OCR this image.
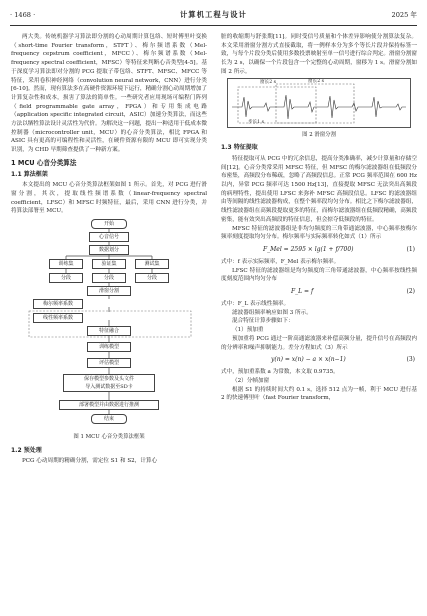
· 1468 ·	计算机工程与设计	2025 年
两大类。传统机器学习算法即分割的心动周期计算包络、短时傅里叶变换（short-time Fourier transform，STFT）、梅尔频谱系数（Mel-frequency cepstrum coefficient，MFCC）、梅尔频谱系数（Mel-frequency spectral coefficient，MFSC）等特征来判断心音类型[4-5]。基于深度学习算法即对分割的 PCG 提取子带包络、STFT、MFSC、MFCC 等特征，采用卷积神经网络（convolution neural network，CNN）进行分类[6-10]。然而，现有算法多在高硬件资源环境下运行，精确分割心动周期增加了计算复杂性和成本，损害了算法的简单性。一些研究者应用现场可编程门阵列（field programmable gate array，FPGA）和专用集成电路（application specific integrated circuit，ASIC）加速分类算法，而这些方法以牺牲算法设计灵活性为代价。为解决这一问题，提出一种适用于低成本微控制器（microcontroller unit，MCU）的心音分类算法，相比 FPGA 和 ASIC 具有更高的可编程性和灵活性，在硬件资源有限的 MCU 即可实现分类识别，为 CHD 早期筛查提供了一种新方案。
1 MCU 心音分类算法
1.1 算法框架
本文提出的 MCU 心音分类算法框架如图 1 所示。首先，对 PCG 进行滑窗分割，其次，提取线性频谱系数（linear-frequency spectral coefficient，LFSC）和 MFSC 时频特征，最后，采用 CNN 进行分类，并将算法部署至 MCU。
开始
心音信号
数据划分
训练集	验证集	测试集
分段	分段	分段
滑窗分割
梅尔频率系数
线性频率系数
特征融合
训练模型
评估模型
保存模型参数及头文件
导入测试数据至SD卡
部署模型并由数据进行推测
结束
图 1 MCU 心音分类算法框架
1.2 预处理
PCG 心动周期的精确分割，需定位 S1 和 S2，计算心
脏的收缩期与舒张期[11]。同时受信号质量和个体差异影响使分割算法复杂。本文采用滑窗分割方式直接截取，将一例样本分为多个等长片段并保持标签一致，与每个片段分类后使用多数投票映射至单一信号进行综合判定。滑窗分割窗长为 2 s，以确保一个片段包含一个完整的心动周期，窗移为 1 s。滑窗分割如图 2 所示。
窗长2 s	窗长2 s
步长1 s
图 2 滑窗分割
1.3 特征提取
特征提取可从 PCG 中的冗余信息，提高分类准确率，减少计算量和存储空间[12]。心音分类常采用 MFSC 特征，但 MFSC 的梅尔滤波器组在低频段分布密集，高频段分布稀疏，忽略了高频段信息。正常 PCG 频率范围在 600 Hz 以内，异常 PCG 频率可达 1500 Hz[13]，直接提取 MFSC 无法突出高频段的病理特性，提出使用 LFSC 来弥补 MFSC 高频段信息。LFSC 的滤波器组由等间隔的线性滤波器构成，在整个频率段均匀分布。相比之下梅尔滤波器组，线性滤波器组在高频段提取更多的特征，而梅尔滤波器组在低频段精确，高频段密集，能有效突出高频段的特征信息，但会掠夺低频段的特征。
MFSC 特征的滤波器组是非均匀频度的三角带通滤波器，中心频率按梅尔频率刻度提取均匀分布。梅尔频率与实际频率转化如式（1）所示
F_Mel = 2595 × lg(1 + f/700)	(1)
式中：f 表示实际频率，F_Mel 表示梅尔频率。
LFSC 特征的滤波器组是均匀频度的三角带通滤波器，中心频率按线性频度刻度范围内均匀分布
F_L = f	(2)
式中：F_L 表示线性频率。
滤波器组频率响应如图 3 所示。
混合特征计算步骤如下：
（1）预加重
预加重将 PCG 通过一阶高通滤波器来补偿高频分量，提升信号在高频段内的分辨率和噪声抑制能力。差分方程如式（3）所示
y(n) = x(n) − a × x(n−1)	(3)
式中，预加重系数 a 为常数，本文取 0.9735。
（2）分帧加窗
根据 S1 的持续时间大约 0.1 s，选择 512 点为一帧，利于 MCU 进行基 2 的快速傅里叶（fast Fourier transform，
